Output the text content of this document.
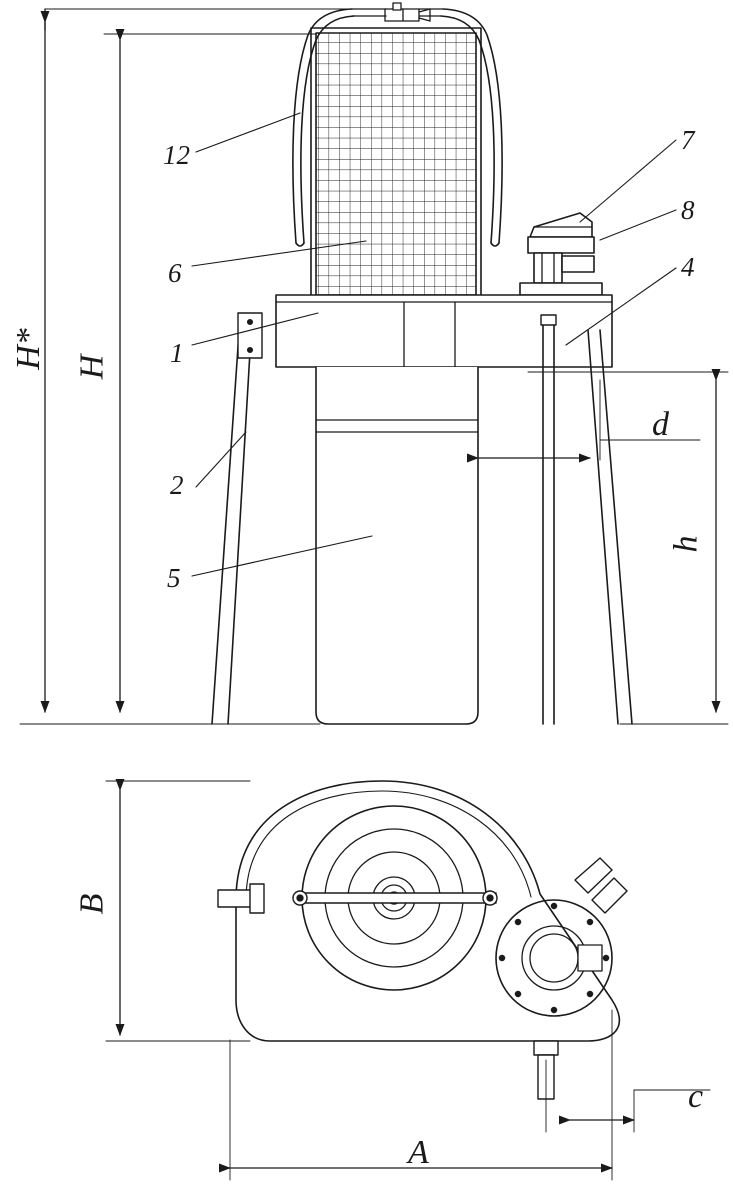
12
6
1
2
5
7
8
4
H* H
d
h
B
c
A
